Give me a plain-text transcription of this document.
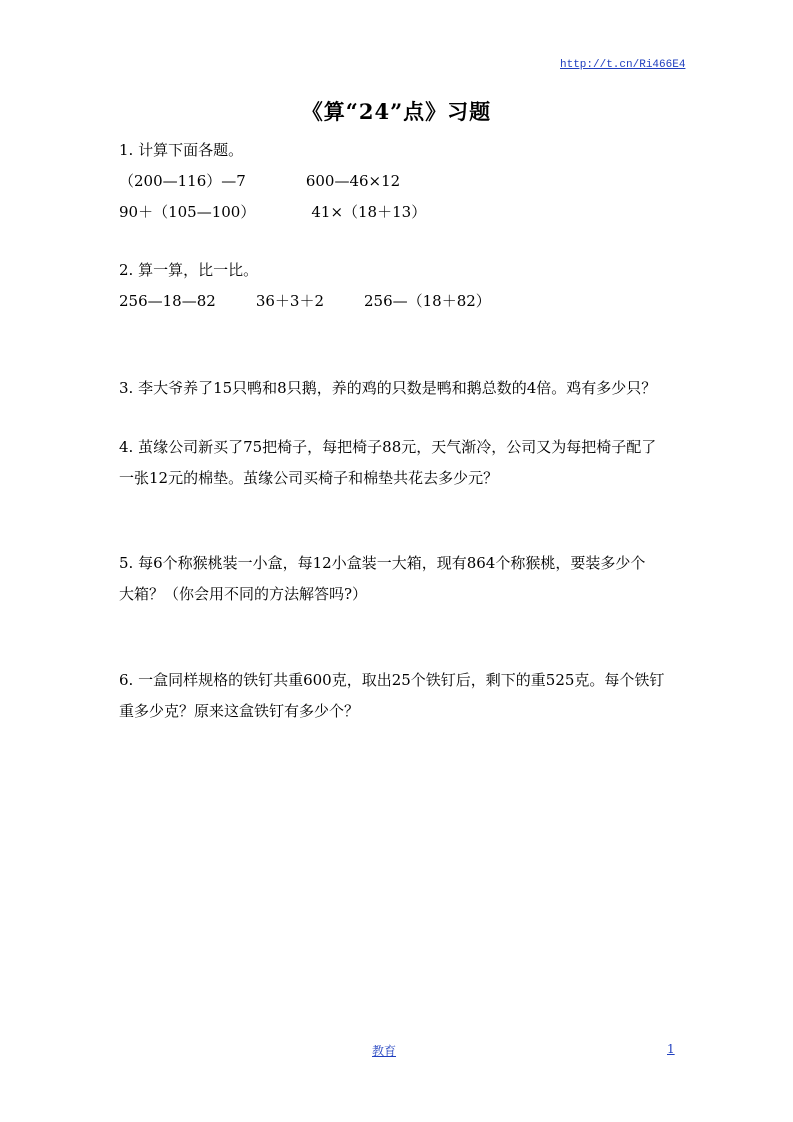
http://t.cn/Ri466E4
《算“24”点》习题
1. 计算下面各题。
（200—116）—7	600—46×12
90＋（105—100）	41×（18＋13）
2. 算一算，比一比。
256—18—82	36＋3＋2	256—（18＋82）
3. 李大爷养了15只鸭和8只鹅，养的鸡的只数是鸭和鹅总数的4倍。鸡有多少只？
4. 茧缘公司新买了75把椅子，每把椅子88元，天气渐冷，公司又为每把椅子配了
一张12元的棉垫。茧缘公司买椅子和棉垫共花去多少元？
5. 每6个称猴桃装一小盒，每12小盒装一大箱，现有864个称猴桃，要装多少个
大箱？（你会用不同的方法解答吗?）
6. 一盒同样规格的铁钉共重600克，取出25个铁钉后，剩下的重525克。每个铁钉
重多少克？原来这盒铁钉有多少个？
教育	1
